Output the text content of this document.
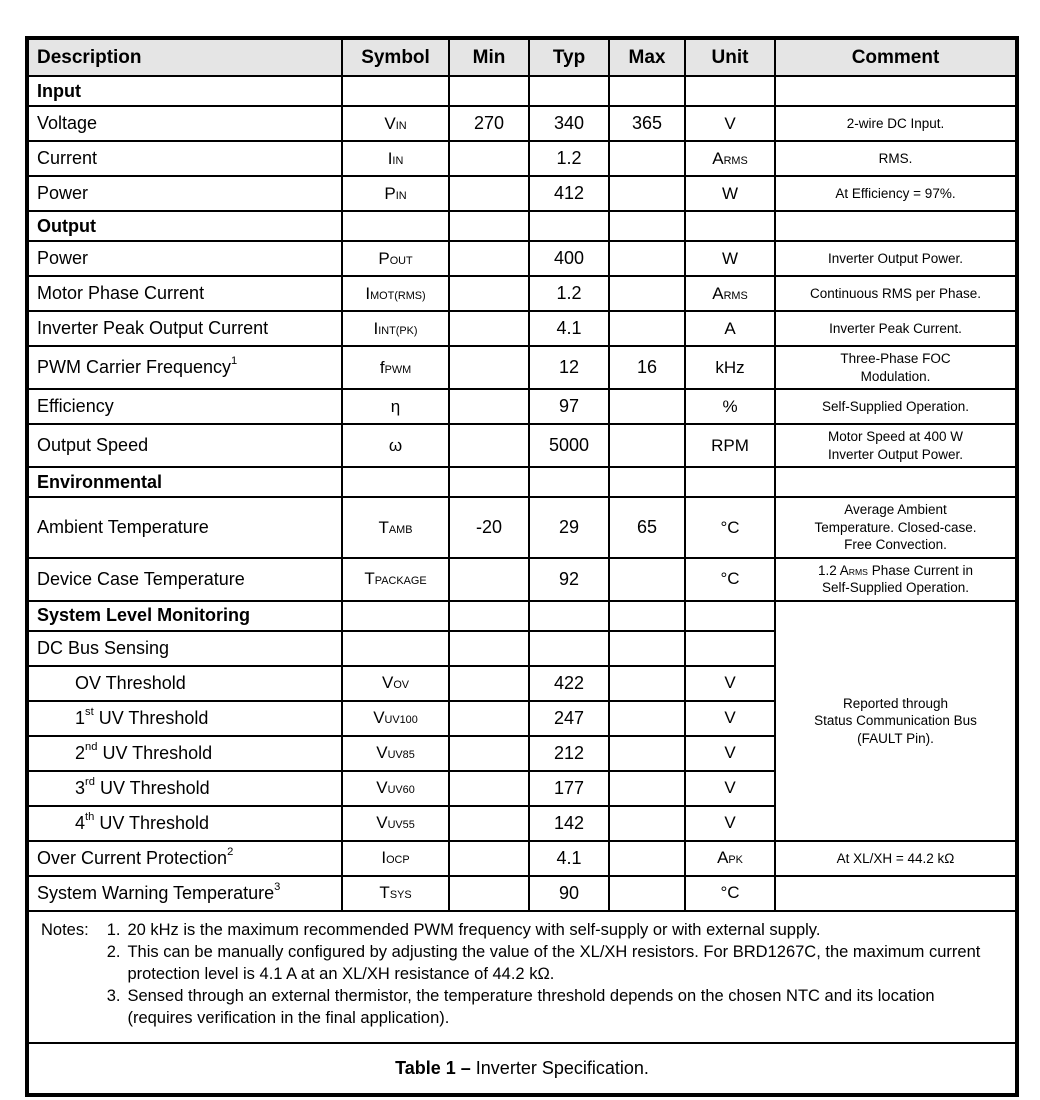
Description	Symbol	Min	Typ	Max	Unit	Comment
Input						
Voltage	VIN	270	340	365	V	2-wire DC Input.
Current	IIN		1.2		ARMS	RMS.
Power	PIN		412		W	At Efficiency = 97%.
Output						
Power	POUT		400		W	Inverter Output Power.
Motor Phase Current	IMOT(RMS)		1.2		ARMS	Continuous RMS per Phase.
Inverter Peak Output Current	IINT(PK)		4.1		A	Inverter Peak Current.
PWM Carrier Frequency$^1$	fPWM		12	16	kHz	Three-Phase FOC
Modulation.
Efficiency	η		97		%	Self-Supplied Operation.
Output Speed	ω		5000		RPM	Motor Speed at 400 W
Inverter Output Power.
Environmental						
Ambient Temperature	TAMB	-20	29	65	°C	Average Ambient
Temperature. Closed-case.
Free Convection.
Device Case Temperature	TPACKAGE		92		°C	1.2 ARMS Phase Current in
Self-Supplied Operation.
System Level Monitoring						Reported through
Status Communication Bus
(FAULT Pin).
DC Bus Sensing						
OV Threshold	VOV		422		V	
1st UV Threshold	VUV100		247		V	
2nd UV Threshold	VUV85		212		V	
3rd UV Threshold	VUV60		177		V	
4th UV Threshold	VUV55		142		V	
Over Current Protection$^2$	IOCP		4.1		APK	At XL/XH = 44.2 kΩ
System Warning Temperature$^3$	TSYS		90		°C	

Notes: 1. 20 kHz is the maximum recommended PWM frequency with self-supply or with external supply.
2. This can be manually configured by adjusting the value of the XL/XH resistors. For BRD1267C, the maximum current protection level is 4.1 A at an XL/XH resistance of 44.2 kΩ.
3. Sensed through an external thermistor, the temperature threshold depends on the chosen NTC and its location (requires verification in the final application).

Table 1 – Inverter Specification.						
